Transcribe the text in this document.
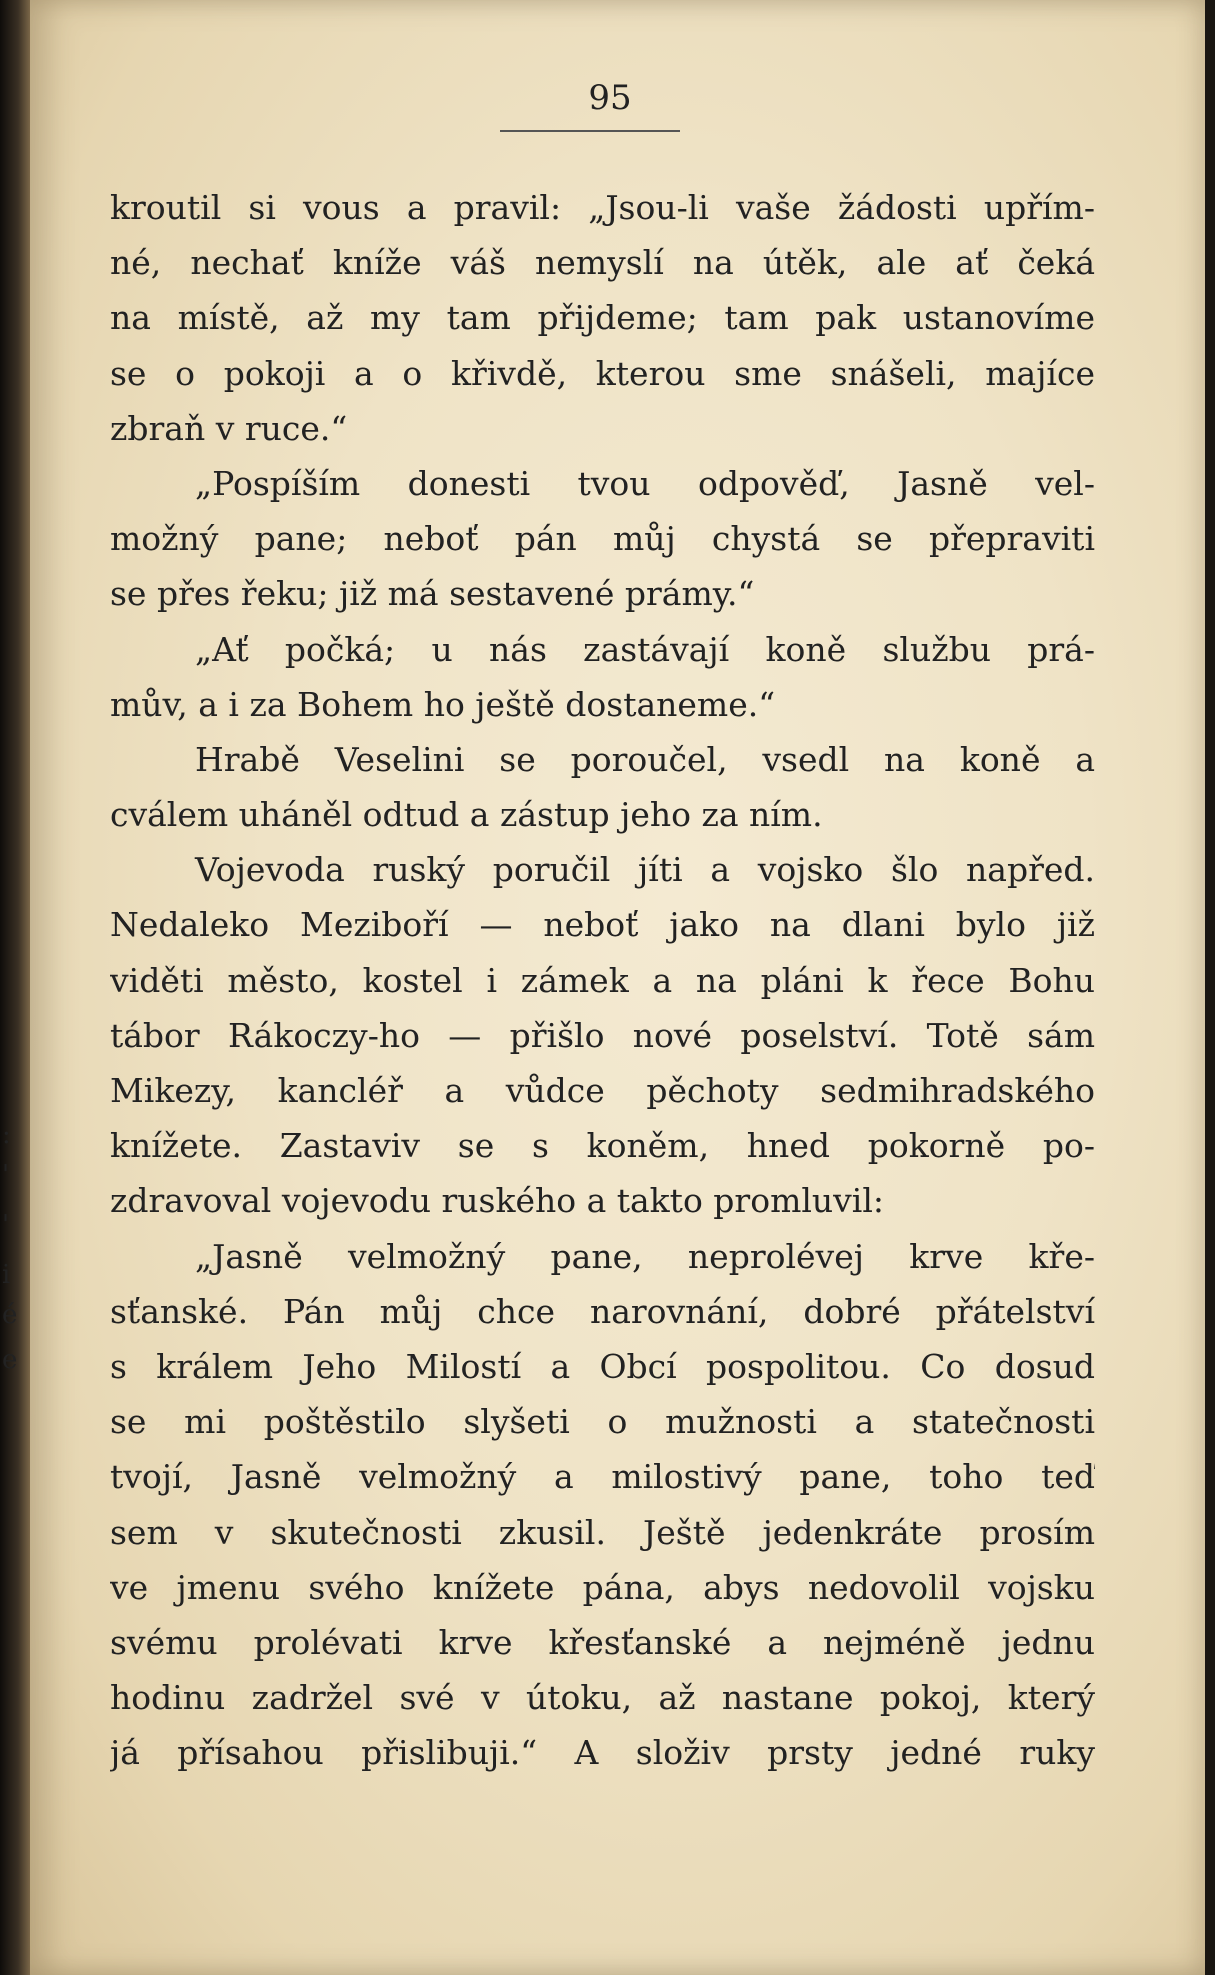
:
'
'
i
é
e
95
kroutil si vous a pravil: „Jsou-li vaše žádosti upřím-
né, nechať kníže váš nemyslí na útěk, ale ať čeká
na místě, až my tam přijdeme; tam pak ustanovíme
se o pokoji a o křivdě, kterou sme snášeli, majíce
zbraň v ruce.“
„Pospíším donesti tvou odpověď, Jasně vel-
možný pane; neboť pán můj chystá se přepraviti
se přes řeku; již má sestavené prámy.“
„Ať počká; u nás zastávají koně službu prá-
mův, a i za Bohem ho ještě dostaneme.“
Hrabě Veselini se poroučel, vsedl na koně a
cválem uháněl odtud a zástup jeho za ním.
Vojevoda ruský poručil jíti a vojsko šlo napřed.
Nedaleko Meziboří — neboť jako na dlani bylo již
viděti město, kostel i zámek a na pláni k řece Bohu
tábor Rákoczy-ho — přišlo nové poselství. Totě sám
Mikezy, kancléř a vůdce pěchoty sedmihradského
knížete. Zastaviv se s koněm, hned pokorně po-
zdravoval vojevodu ruského a takto promluvil:
„Jasně velmožný pane, neprolévej krve kře-
sťanské. Pán můj chce narovnání, dobré přátelství
s králem Jeho Milostí a Obcí pospolitou. Co dosud
se mi poštěstilo slyšeti o mužnosti a statečnosti
tvojí, Jasně velmožný a milostivý pane, toho teď
sem v skutečnosti zkusil. Ještě jedenkráte prosím
ve jmenu svého knížete pána, abys nedovolil vojsku
svému prolévati krve křesťanské a nejméně jednu
hodinu zadržel své v útoku, až nastane pokoj, který
já přísahou přislibuji.“ A složiv prsty jedné ruky
